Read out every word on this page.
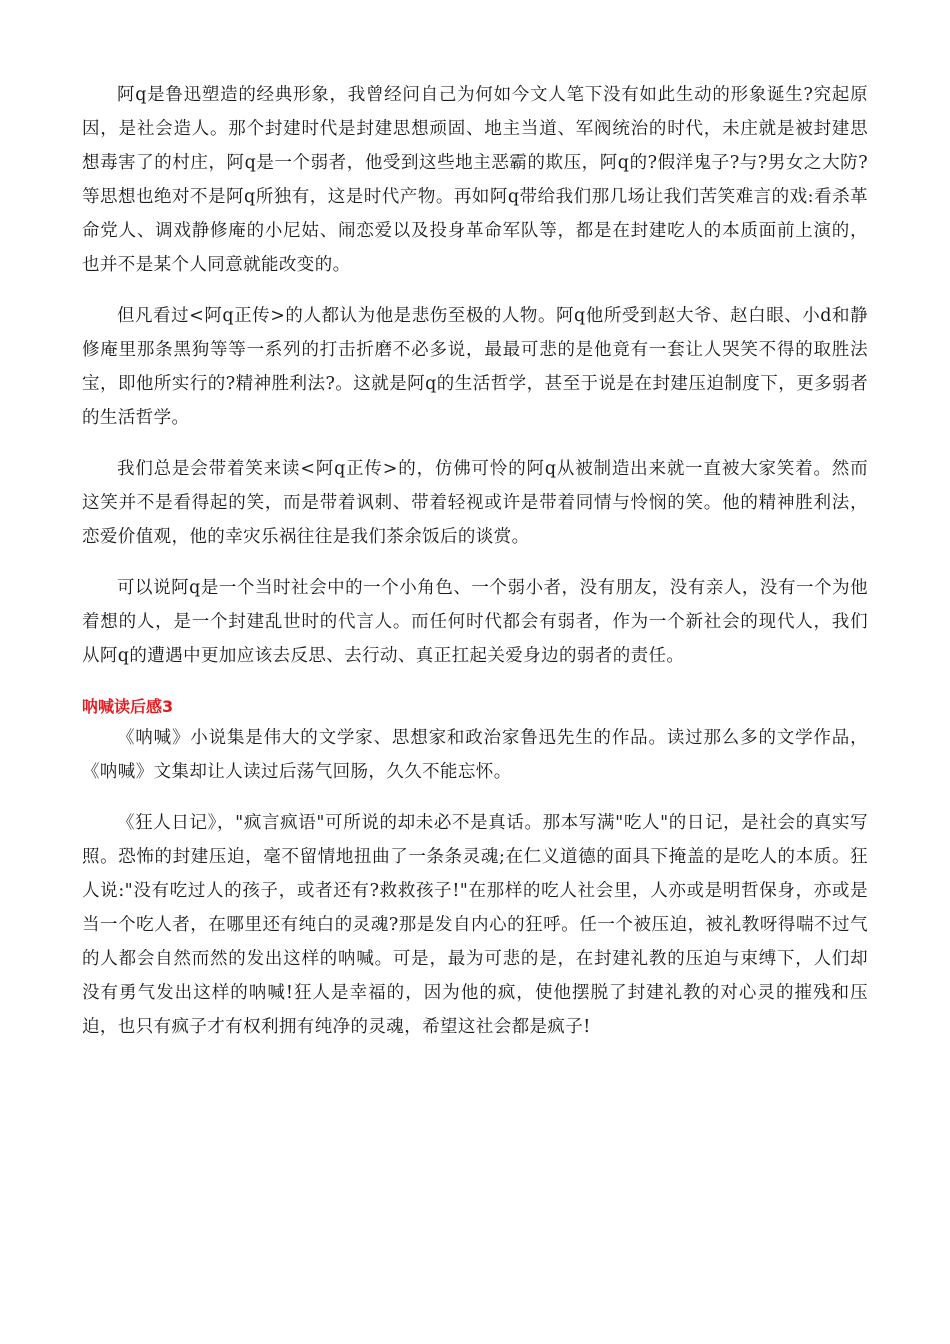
阿q是鲁迅塑造的经典形象，我曾经问自己为何如今文人笔下没有如此生动的形象诞生?究起原因，是社会造人。那个封建时代是封建思想顽固、地主当道、军阀统治的时代，未庄就是被封建思想毒害了的村庄，阿q是一个弱者，他受到这些地主恶霸的欺压，阿q的?假洋鬼子?与?男女之大防?等思想也绝对不是阿q所独有，这是时代产物。再如阿q带给我们那几场让我们苦笑难言的戏:看杀革命党人、调戏静修庵的小尼姑、闹恋爱以及投身革命军队等，都是在封建吃人的本质面前上演的，也并不是某个人同意就能改变的。

但凡看过<阿q正传>的人都认为他是悲伤至极的人物。阿q他所受到赵大爷、赵白眼、小d和静修庵里那条黑狗等等一系列的打击折磨不必多说，最最可悲的是他竟有一套让人哭笑不得的取胜法宝，即他所实行的?精神胜利法?。这就是阿q的生活哲学，甚至于说是在封建压迫制度下，更多弱者的生活哲学。

我们总是会带着笑来读<阿q正传>的，仿佛可怜的阿q从被制造出来就一直被大家笑着。然而这笑并不是看得起的笑，而是带着讽刺、带着轻视或许是带着同情与怜悯的笑。他的精神胜利法，恋爱价值观，他的幸灾乐祸往往是我们茶余饭后的谈赏。

可以说阿q是一个当时社会中的一个小角色、一个弱小者，没有朋友，没有亲人，没有一个为他着想的人，是一个封建乱世时的代言人。而任何时代都会有弱者，作为一个新社会的现代人，我们从阿q的遭遇中更加应该去反思、去行动、真正扛起关爱身边的弱者的责任。

呐喊读后感3

《呐喊》小说集是伟大的文学家、思想家和政治家鲁迅先生的作品。读过那么多的文学作品，《呐喊》文集却让人读过后荡气回肠，久久不能忘怀。

《狂人日记》，"疯言疯语"可所说的却未必不是真话。那本写满"吃人"的日记，是社会的真实写照。恐怖的封建压迫，毫不留情地扭曲了一条条灵魂;在仁义道德的面具下掩盖的是吃人的本质。狂人说:"没有吃过人的孩子，或者还有?救救孩子!"在那样的吃人社会里，人亦或是明哲保身，亦或是当一个吃人者，在哪里还有纯白的灵魂?那是发自内心的狂呼。任一个被压迫，被礼教呀得喘不过气的人都会自然而然的发出这样的呐喊。可是，最为可悲的是，在封建礼教的压迫与束缚下，人们却没有勇气发出这样的呐喊!狂人是幸福的，因为他的疯，使他摆脱了封建礼教的对心灵的摧残和压迫，也只有疯子才有权利拥有纯净的灵魂，希望这社会都是疯子!
